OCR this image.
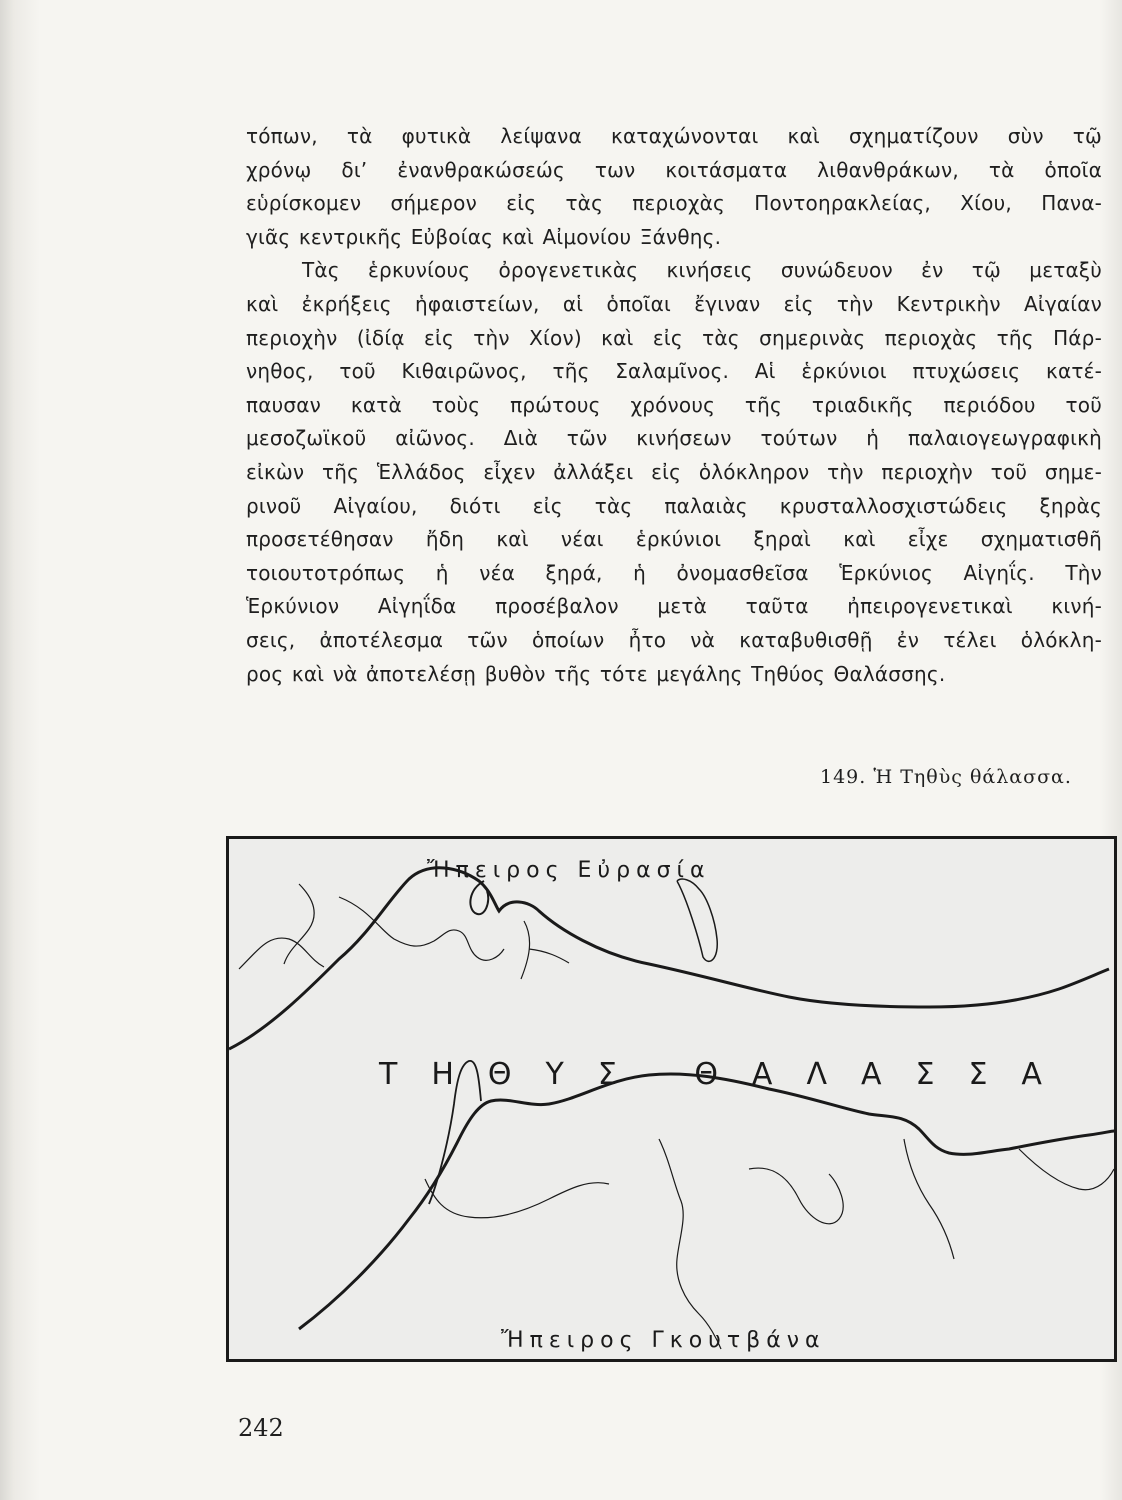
τόπων, τὰ φυτικὰ λείψανα καταχώνονται καὶ σχηματίζουν σὺν τῷ
χρόνῳ δι’ ἐνανθρακώσεώς των κοιτάσματα λιθανθράκων, τὰ ὁποῖα
εὑρίσκομεν σήμερον εἰς τὰς περιοχὰς Ποντοηρακλείας, Χίου, Πανα-
γιᾶς κεντρικῆς Εὐβοίας καὶ Αἰμονίου Ξάνθης.
Τὰς ἑρκυνίους ὀρογενετικὰς κινήσεις συνώδευον ἐν τῷ μεταξὺ
καὶ ἐκρήξεις ἡφαιστείων, αἱ ὁποῖαι ἔγιναν εἰς τὴν Κεντρικὴν Αἰγαίαν
περιοχὴν (ἰδίᾳ εἰς τὴν Χίον) καὶ εἰς τὰς σημερινὰς περιοχὰς τῆς Πάρ-
νηθος, τοῦ Κιθαιρῶνος, τῆς Σαλαμῖνος. Αἱ ἑρκύνιοι πτυχώσεις κατέ-
παυσαν κατὰ τοὺς πρώτους χρόνους τῆς τριαδικῆς περιόδου τοῦ
μεσοζωϊκοῦ αἰῶνος. Διὰ τῶν κινήσεων τούτων ἡ παλαιογεωγραφικὴ
εἰκὼν τῆς Ἑλλάδος εἶχεν ἀλλάξει εἰς ὁλόκληρον τὴν περιοχὴν τοῦ σημε-
ρινοῦ Αἰγαίου, διότι εἰς τὰς παλαιὰς κρυσταλλοσχιστώδεις ξηρὰς
προσετέθησαν ἤδη καὶ νέαι ἑρκύνιοι ξηραὶ καὶ εἶχε σχηματισθῆ
τοιουτοτρόπως ἡ νέα ξηρά, ἡ ὀνομασθεῖσα Ἑρκύνιος Αἰγηΐς. Τὴν
Ἑρκύνιον Αἰγηΐδα προσέβαλον μετὰ ταῦτα ἠπειρογενετικαὶ κινή-
σεις, ἀποτέλεσμα τῶν ὁποίων ἦτο νὰ καταβυθισθῇ ἐν τέλει ὁλόκλη-
ρος καὶ νὰ ἀποτελέσῃ βυθὸν τῆς τότε μεγάλης Τηθύος Θαλάσσης.
149. Ἡ Τηθὺς θάλασσα.
Ἤπειρος Εὐρασία
ΤΗΘΥΣ ΘΑΛΑΣΣΑ
Ἤπειρος Γκουτβάνα
242
